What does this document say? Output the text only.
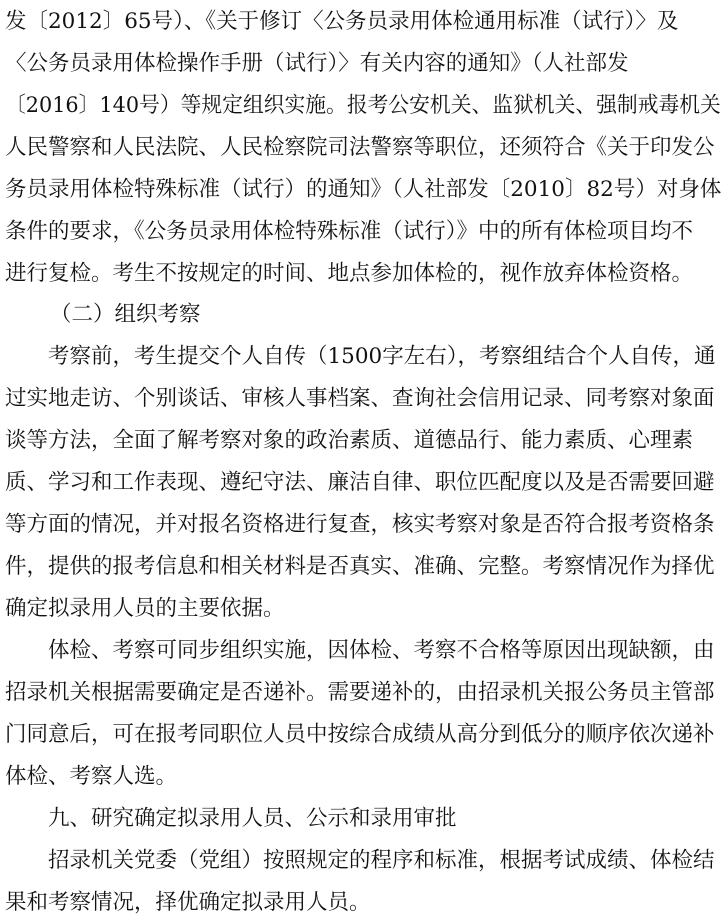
发〔2012〕65号）、《关于修订〈公务员录用体检通用标准（试行）〉及
〈公务员录用体检操作手册（试行）〉有关内容的通知》（人社部发
〔2016〕140号）等规定组织实施。报考公安机关、监狱机关、强制戒毒机关
人民警察和人民法院、人民检察院司法警察等职位，还须符合《关于印发公
务员录用体检特殊标准（试行）的通知》（人社部发〔2010〕82号）对身体
条件的要求，《公务员录用体检特殊标准（试行）》中的所有体检项目均不
进行复检。考生不按规定的时间、地点参加体检的，视作放弃体检资格。
（二）组织考察
考察前，考生提交个人自传（1500字左右），考察组结合个人自传，通
过实地走访、个别谈话、审核人事档案、查询社会信用记录、同考察对象面
谈等方法，全面了解考察对象的政治素质、道德品行、能力素质、心理素
质、学习和工作表现、遵纪守法、廉洁自律、职位匹配度以及是否需要回避
等方面的情况，并对报名资格进行复查，核实考察对象是否符合报考资格条
件，提供的报考信息和相关材料是否真实、准确、完整。考察情况作为择优
确定拟录用人员的主要依据。
体检、考察可同步组织实施，因体检、考察不合格等原因出现缺额，由
招录机关根据需要确定是否递补。需要递补的，由招录机关报公务员主管部
门同意后，可在报考同职位人员中按综合成绩从高分到低分的顺序依次递补
体检、考察人选。
九、研究确定拟录用人员、公示和录用审批
招录机关党委（党组）按照规定的程序和标准，根据考试成绩、体检结
果和考察情况，择优确定拟录用人员。
